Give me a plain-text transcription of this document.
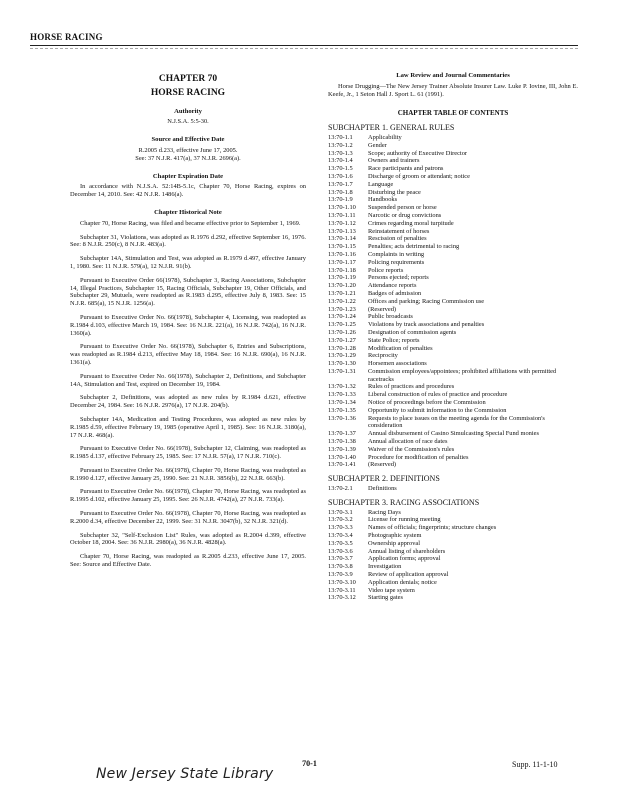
HORSE RACING
CHAPTER 70
HORSE RACING
Authority
N.J.S.A. 5:5-30.
Source and Effective Date
R.2005 d.233, effective June 17, 2005.
See: 37 N.J.R. 417(a), 37 N.J.R. 2696(a).
Chapter Expiration Date

In accordance with N.J.S.A. 52:14B-5.1c, Chapter 70, Horse Racing, expires on December 14, 2010. See: 42 N.J.R. 1486(a).

Chapter Historical Note

Chapter 70, Horse Racing, was filed and became effective prior to September 1, 1969.

Subchapter 31, Violations, was adopted as R.1976 d.292, effective September 16, 1976. See: 8 N.J.R. 250(c), 8 N.J.R. 483(a).

Subchapter 14A, Stimulation and Test, was adopted as R.1979 d.497, effective January 1, 1980. See: 11 N.J.R. 579(a), 12 N.J.R. 91(b).

Pursuant to Executive Order 66(1978), Subchapter 3, Racing Associations, Subchapter 14, Illegal Practices, Subchapter 15, Racing Officials, Subchapter 19, Other Officials, and Subchapter 29, Mutuels, were readopted as R.1983 d.295, effective July 8, 1983. See: 15 N.J.R. 685(a), 15 N.J.R. 1256(a).

Pursuant to Executive Order No. 66(1978), Subchapter 4, Licensing, was readopted as R.1984 d.103, effective March 19, 1984. See: 16 N.J.R. 221(a), 16 N.J.R. 742(a), 16 N.J.R. 1360(a).

Pursuant to Executive Order No. 66(1978), Subchapter 6, Entries and Subscriptions, was readopted as R.1984 d.213, effective May 18, 1984. See: 16 N.J.R. 690(a), 16 N.J.R. 1361(a).

Pursuant to Executive Order No. 66(1978), Subchapter 2, Definitions, and Subchapter 14A, Stimulation and Test, expired on December 19, 1984.

Subchapter 2, Definitions, was adopted as new rules by R.1984 d.621, effective December 24, 1984. See: 16 N.J.R. 2976(a), 17 N.J.R. 204(b).

Subchapter 14A, Medication and Testing Procedures, was adopted as new rules by R.1985 d.59, effective February 19, 1985 (operative April 1, 1985). See: 16 N.J.R. 3180(a), 17 N.J.R. 468(a).

Pursuant to Executive Order No. 66(1978), Subchapter 12, Claiming, was readopted as R.1985 d.137, effective February 25, 1985. See: 17 N.J.R. 57(a), 17 N.J.R. 710(c).

Pursuant to Executive Order No. 66(1978), Chapter 70, Horse Racing, was readopted as R.1990 d.127, effective January 25, 1990. See: 21 N.J.R. 3856(b), 22 N.J.R. 663(b).

Pursuant to Executive Order No. 66(1978), Chapter 70, Horse Racing, was readopted as R.1995 d.102, effective January 25, 1995. See: 26 N.J.R. 4742(a), 27 N.J.R. 733(a).

Pursuant to Executive Order No. 66(1978), Chapter 70, Horse Racing, was readopted as R.2000 d.34, effective December 22, 1999. See: 31 N.J.R. 3047(b), 32 N.J.R. 321(d).

Subchapter 32, "Self-Exclusion List" Rules, was adopted as R.2004 d.399, effective October 18, 2004. See: 36 N.J.R. 2980(a), 36 N.J.R. 4828(a).

Chapter 70, Horse Racing, was readopted as R.2005 d.233, effective June 17, 2005. See: Source and Effective Date.

Law Review and Journal Commentaries

Horse Drugging—The New Jersey Trainer Absolute Insurer Law. Luke P. Iovine, III, John E. Keefe, Jr., 1 Seton Hall J. Sport L. 61 (1991).

CHAPTER TABLE OF CONTENTS
SUBCHAPTER 1. GENERAL RULES
13:70-1.1	Applicability
13:70-1.2	Gender
13:70-1.3	Scope; authority of Executive Director
13:70-1.4	Owners and trainers
13:70-1.5	Race participants and patrons
13:70-1.6	Discharge of groom or attendant; notice
13:70-1.7	Language
13:70-1.8	Disturbing the peace
13:70-1.9	Handbooks
13:70-1.10	Suspended person or horse
13:70-1.11	Narcotic or drug convictions
13:70-1.12	Crimes regarding moral turpitude
13:70-1.13	Reinstatement of horses
13:70-1.14	Rescission of penalties
13:70-1.15	Penalties; acts detrimental to racing
13:70-1.16	Complaints in writing
13:70-1.17	Policing requirements
13:70-1.18	Police reports
13:70-1.19	Persons ejected; reports
13:70-1.20	Attendance reports
13:70-1.21	Badges of admission
13:70-1.22	Offices and parking; Racing Commission use
13:70-1.23	(Reserved)
13:70-1.24	Public broadcasts
13:70-1.25	Violations by track associations and penalties
13:70-1.26	Designation of commission agents
13:70-1.27	State Police; reports
13:70-1.28	Modification of penalties
13:70-1.29	Reciprocity
13:70-1.30	Horsemen associations
13:70-1.31	Commission employees/appointees; prohibited affiliations with permitted racetracks
13:70-1.32	Rules of practices and procedures
13:70-1.33	Liberal construction of rules of practice and procedure
13:70-1.34	Notice of proceedings before the Commission
13:70-1.35	Opportunity to submit information to the Commission
13:70-1.36	Requests to place issues on the meeting agenda for the Commission's consideration
13:70-1.37	Annual disbursement of Casino Simulcasting Special Fund monies
13:70-1.38	Annual allocation of race dates
13:70-1.39	Waiver of the Commission's rules
13:70-1.40	Procedure for modification of penalties
13:70-1.41	(Reserved)
SUBCHAPTER 2. DEFINITIONS
13:70-2.1	Definitions
SUBCHAPTER 3. RACING ASSOCIATIONS
13:70-3.1	Racing Days
13:70-3.2	License for running meeting
13:70-3.3	Names of officials; fingerprints; structure changes
13:70-3.4	Photographic system
13:70-3.5	Ownership approval
13:70-3.6	Annual listing of shareholders
13:70-3.7	Application forms; approval
13:70-3.8	Investigation
13:70-3.9	Review of application approval
13:70-3.10	Application denials; notice
13:70-3.11	Video tape system
13:70-3.12	Starting gates
70-1	Supp. 11-1-10
New Jersey State Library
